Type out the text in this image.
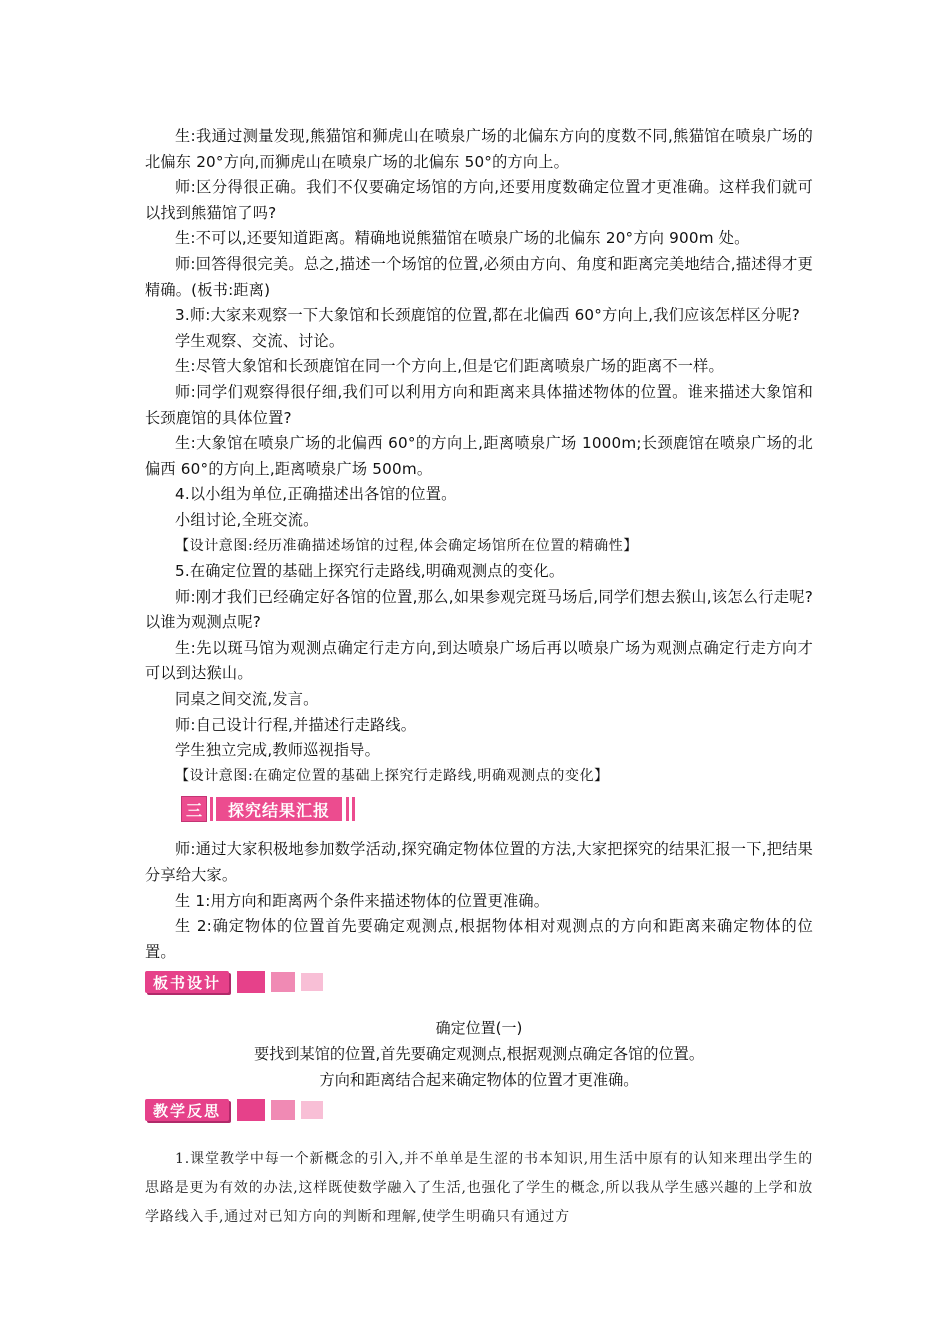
生:我通过测量发现,熊猫馆和狮虎山在喷泉广场的北偏东方向的度数不同,熊猫馆在喷泉广场的北偏东 20°方向,而狮虎山在喷泉广场的北偏东 50°的方向上。

师:区分得很正确。我们不仅要确定场馆的方向,还要用度数确定位置才更准确。这样我们就可以找到熊猫馆了吗?

生:不可以,还要知道距离。精确地说熊猫馆在喷泉广场的北偏东 20°方向 900m 处。

师:回答得很完美。总之,描述一个场馆的位置,必须由方向、角度和距离完美地结合,描述得才更精确。(板书:距离)

3.师:大家来观察一下大象馆和长颈鹿馆的位置,都在北偏西 60°方向上,我们应该怎样区分呢?

学生观察、交流、讨论。

生:尽管大象馆和长颈鹿馆在同一个方向上,但是它们距离喷泉广场的距离不一样。

师:同学们观察得很仔细,我们可以利用方向和距离来具体描述物体的位置。谁来描述大象馆和长颈鹿馆的具体位置?

生:大象馆在喷泉广场的北偏西 60°的方向上,距离喷泉广场 1000m;长颈鹿馆在喷泉广场的北偏西 60°的方向上,距离喷泉广场 500m。

4.以小组为单位,正确描述出各馆的位置。

小组讨论,全班交流。

【设计意图:经历准确描述场馆的过程,体会确定场馆所在位置的精确性】

5.在确定位置的基础上探究行走路线,明确观测点的变化。

师:刚才我们已经确定好各馆的位置,那么,如果参观完斑马场后,同学们想去猴山,该怎么行走呢?以谁为观测点呢?

生:先以斑马馆为观测点确定行走方向,到达喷泉广场后再以喷泉广场为观测点确定行走方向才可以到达猴山。

同桌之间交流,发言。

师:自己设计行程,并描述行走路线。

学生独立完成,教师巡视指导。

【设计意图:在确定位置的基础上探究行走路线,明确观测点的变化】

三	探究结果汇报

师:通过大家积极地参加数学活动,探究确定物体位置的方法,大家把探究的结果汇报一下,把结果分享给大家。

生 1:用方向和距离两个条件来描述物体的位置更准确。

生 2:确定物体的位置首先要确定观测点,根据物体相对观测点的方向和距离来确定物体的位置。

板书设计
确定位置(一)
要找到某馆的位置,首先要确定观测点,根据观测点确定各馆的位置。
方向和距离结合起来确定物体的位置才更准确。
教学反思

1.课堂教学中每一个新概念的引入,并不单单是生涩的书本知识,用生活中原有的认知来理出学生的思路是更为有效的办法,这样既使数学融入了生活,也强化了学生的概念,所以我从学生感兴趣的上学和放学路线入手,通过对已知方向的判断和理解,使学生明确只有通过方
